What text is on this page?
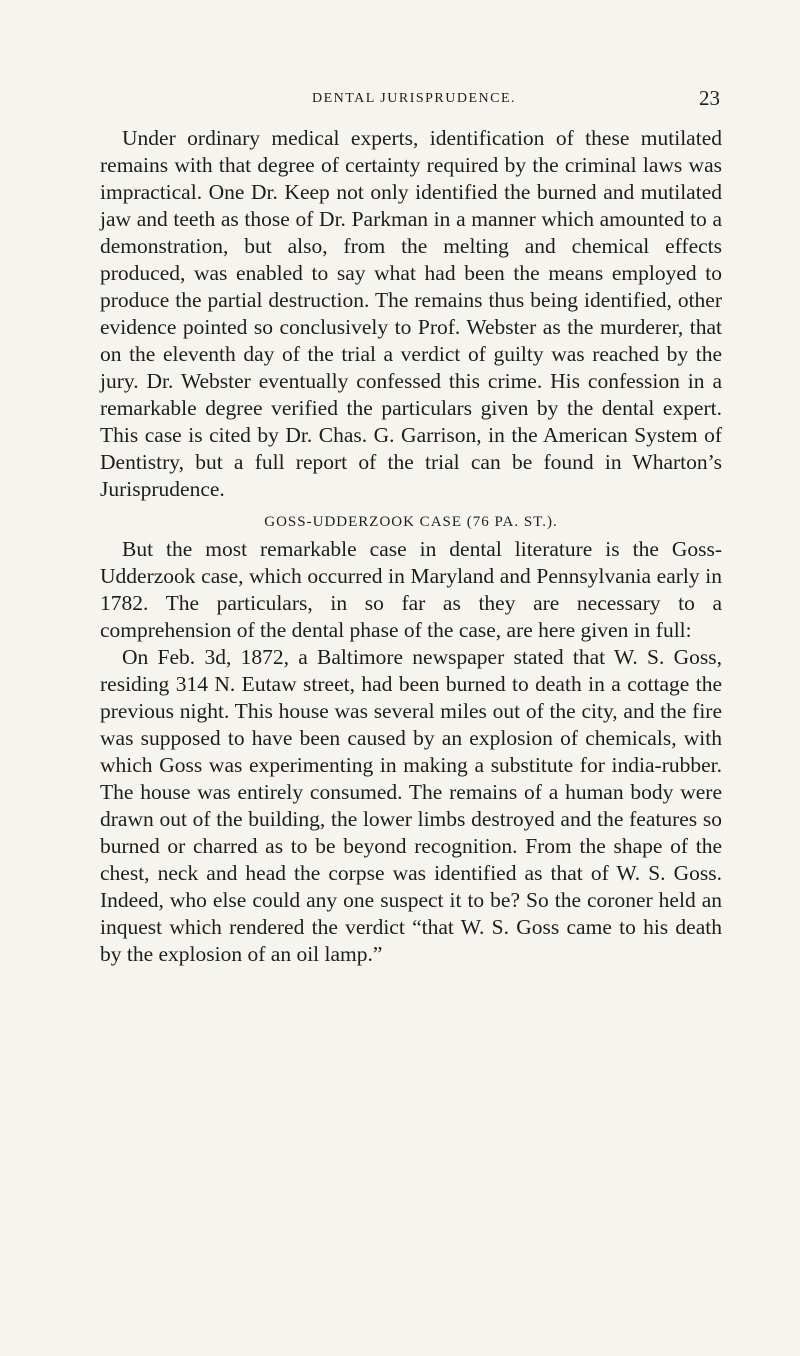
DENTAL JURISPRUDENCE.	23

Under ordinary medical experts, identification of these mutilated remains with that degree of certainty required by the criminal laws was impractical. One Dr. Keep not only identified the burned and mutilated jaw and teeth as those of Dr. Parkman in a manner which amounted to a demonstration, but also, from the melting and chemical effects produced, was enabled to say what had been the means employed to produce the partial destruction. The remains thus being identified, other evidence pointed so conclusively to Prof. Webster as the murderer, that on the eleventh day of the trial a verdict of guilty was reached by the jury. Dr. Webster eventually confessed this crime. His confession in a remarkable degree verified the particulars given by the dental expert. This case is cited by Dr. Chas. G. Garrison, in the American System of Dentistry, but a full report of the trial can be found in Wharton’s Jurisprudence.

GOSS-UDDERZOOK CASE (76 PA. ST.).

But the most remarkable case in dental literature is the Goss-Udderzook case, which occurred in Maryland and Pennsylvania early in 1782. The particulars, in so far as they are necessary to a comprehension of the dental phase of the case, are here given in full:

On Feb. 3d, 1872, a Baltimore newspaper stated that W. S. Goss, residing 314 N. Eutaw street, had been burned to death in a cottage the previous night. This house was several miles out of the city, and the fire was supposed to have been caused by an explosion of chemicals, with which Goss was experimenting in making a substitute for india-rubber. The house was entirely consumed. The remains of a human body were drawn out of the building, the lower limbs destroyed and the features so burned or charred as to be beyond recognition. From the shape of the chest, neck and head the corpse was identified as that of W. S. Goss. Indeed, who else could any one suspect it to be? So the coroner held an inquest which rendered the verdict “that W. S. Goss came to his death by the explosion of an oil lamp.”
